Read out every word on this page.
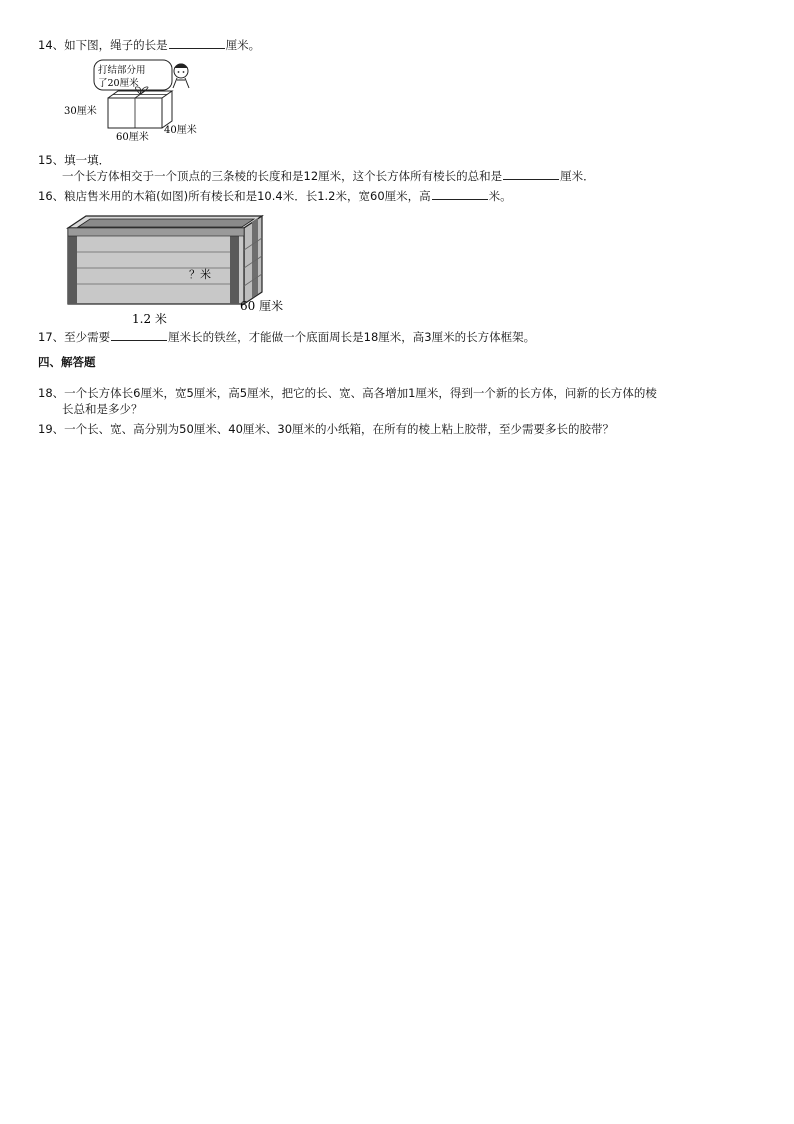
14、如下图，绳子的长是	厘米。
打结部分用
了20厘米
30厘米
60厘米
40厘米
15、填一填．
一个长方体相交于一个顶点的三条棱的长度和是12厘米，这个长方体所有棱长的总和是	厘米．
16、粮店售米用的木箱(如图)所有棱长和是10.4米．长1.2米，宽60厘米，高	米。
？米
60 厘米
1.2 米
17、至少需要	厘米长的铁丝，才能做一个底面周长是18厘米，高3厘米的长方体框架。
四、解答题
18、一个长方体长6厘米，宽5厘米，高5厘米，把它的长、宽、高各增加1厘米，得到一个新的长方体，问新的长方体的棱
长总和是多少？
19、一个长、宽、高分别为50厘米、40厘米、30厘米的小纸箱，在所有的棱上粘上胶带，至少需要多长的胶带？
